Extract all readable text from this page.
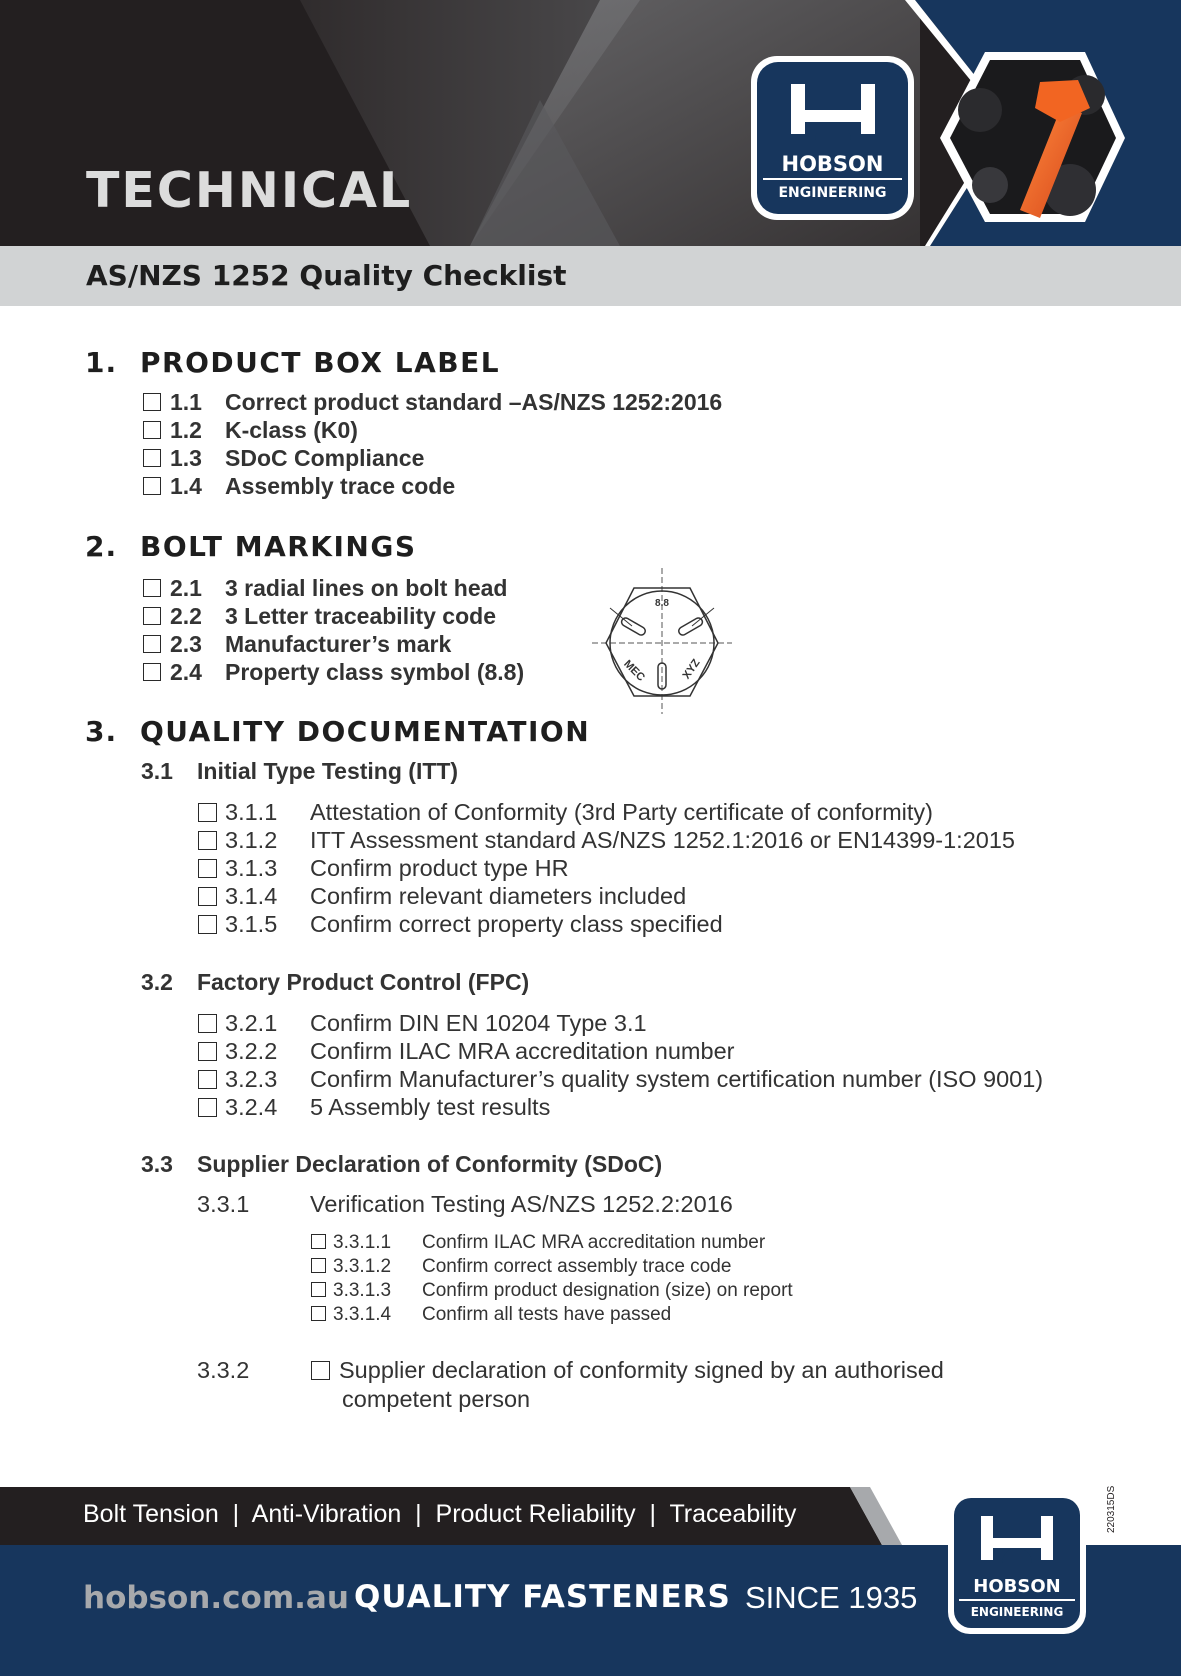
HOBSON
ENGINEERING
TECHNICAL
AS/NZS 1252 Quality Checklist
1. PRODUCT BOX LABEL
1.1 Correct product standard –AS/NZS 1252:2016
1.2 K-class (K0)
1.3 SDoC Compliance
1.4 Assembly trace code
2. BOLT MARKINGS
2.1 3 radial lines on bolt head
2.2 3 Letter traceability code
2.3 Manufacturer’s mark
2.4 Property class symbol (8.8)
8.8
MEC	XYZ
3. QUALITY DOCUMENTATION
3.1 Initial Type Testing (ITT)
3.1.1 Attestation of Conformity (3rd Party certificate of conformity)
3.1.2 ITT Assessment standard AS/NZS 1252.1:2016 or EN14399-1:2015
3.1.3 Confirm product type HR
3.1.4 Confirm relevant diameters included
3.1.5 Confirm correct property class specified
3.2 Factory Product Control (FPC)
3.2.1 Confirm DIN EN 10204 Type 3.1
3.2.2 Confirm ILAC MRA accreditation number
3.2.3 Confirm Manufacturer’s quality system certification number (ISO 9001)
3.2.4 5 Assembly test results
3.3 Supplier Declaration of Conformity (SDoC)
3.3.1	Verification Testing AS/NZS 1252.2:2016
3.3.1.1 Confirm ILAC MRA accreditation number
3.3.1.2 Confirm correct assembly trace code
3.3.1.3 Confirm product designation (size) on report
3.3.1.4 Confirm all tests have passed
3.3.2	Supplier declaration of conformity signed by an authorised
competent person
Bolt Tension  |  Anti-Vibration  |  Product Reliability  |  Traceability
hobson.com.au QUALITY FASTENERS SINCE 1935	HOBSON
ENGINEERING
220315DS
